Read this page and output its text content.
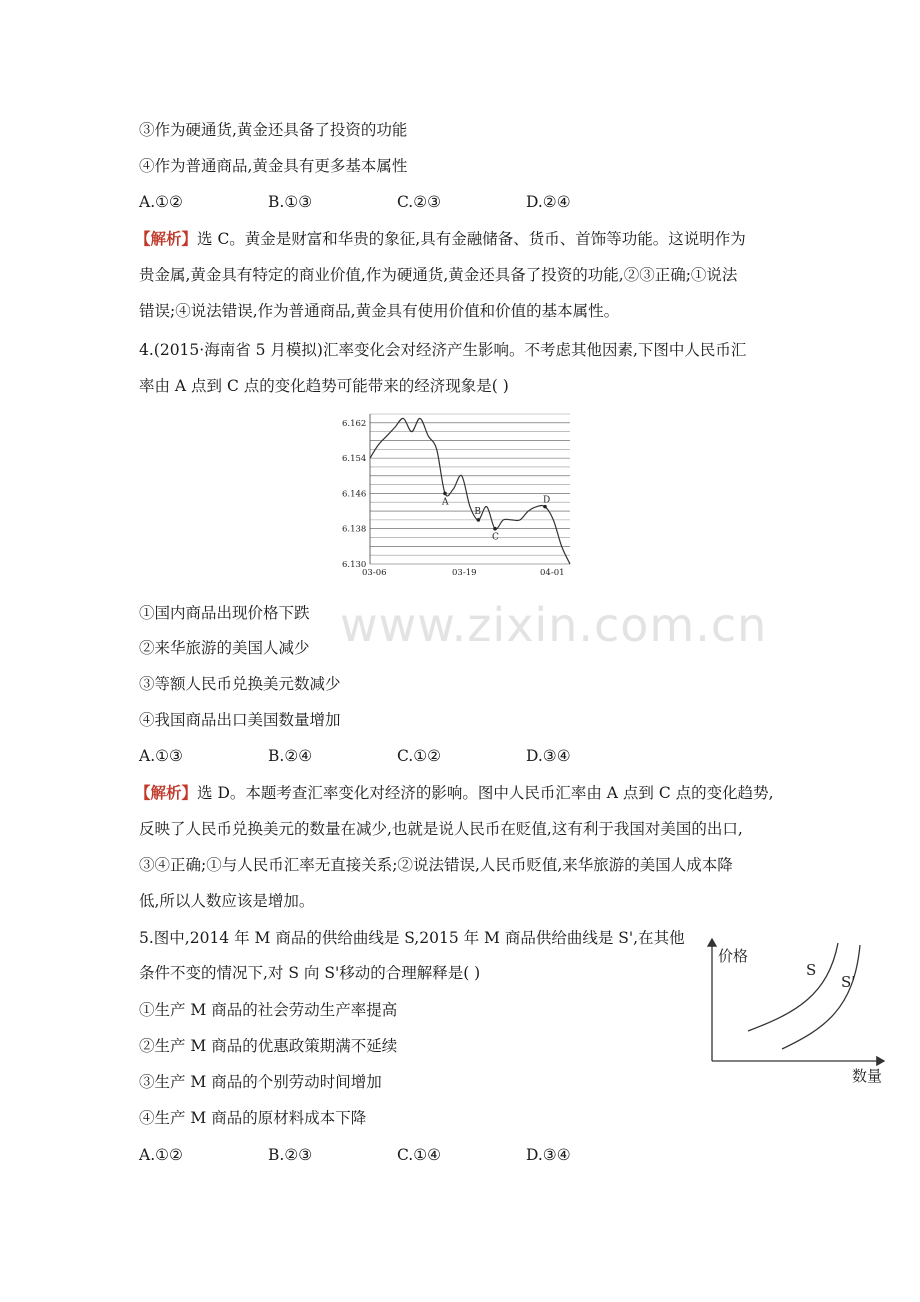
③作为硬通货,黄金还具备了投资的功能
④作为普通商品,黄金具有更多基本属性
A.①②	B.①③	C.②③	D.②④
【解析】选 C。黄金是财富和华贵的象征,具有金融储备、货币、首饰等功能。这说明作为
贵金属,黄金具有特定的商业价值,作为硬通货,黄金还具备了投资的功能,②③正确;①说法
错误;④说法错误,作为普通商品,黄金具有使用价值和价值的基本属性。
4.(2015·海南省 5 月模拟)汇率变化会对经济产生影响。不考虑其他因素,下图中人民币汇
率由 A 点到 C 点的变化趋势可能带来的经济现象是( )
6.162
6.154
6.146
6.138
6.130
03-06	03-19	04-01
A
B
C
D
①国内商品出现价格下跌
②来华旅游的美国人减少
③等额人民币兑换美元数减少
④我国商品出口美国数量增加
A.①③	B.②④	C.①②	D.③④
【解析】选 D。本题考查汇率变化对经济的影响。图中人民币汇率由 A 点到 C 点的变化趋势,
反映了人民币兑换美元的数量在减少,也就是说人民币在贬值,这有利于我国对美国的出口,
③④正确;①与人民币汇率无直接关系;②说法错误,人民币贬值,来华旅游的美国人成本降
低,所以人数应该是增加。
5.图中,2014 年 M 商品的供给曲线是 S,2015 年 M 商品供给曲线是 S',在其他
条件不变的情况下,对 S 向 S'移动的合理解释是( )
①生产 M 商品的社会劳动生产率提高
②生产 M 商品的优惠政策期满不延续
③生产 M 商品的个别劳动时间增加
④生产 M 商品的原材料成本下降
A.①②	B.②③	C.①④	D.③④
价格
数量
S
S'
www.zixin.com.cn
